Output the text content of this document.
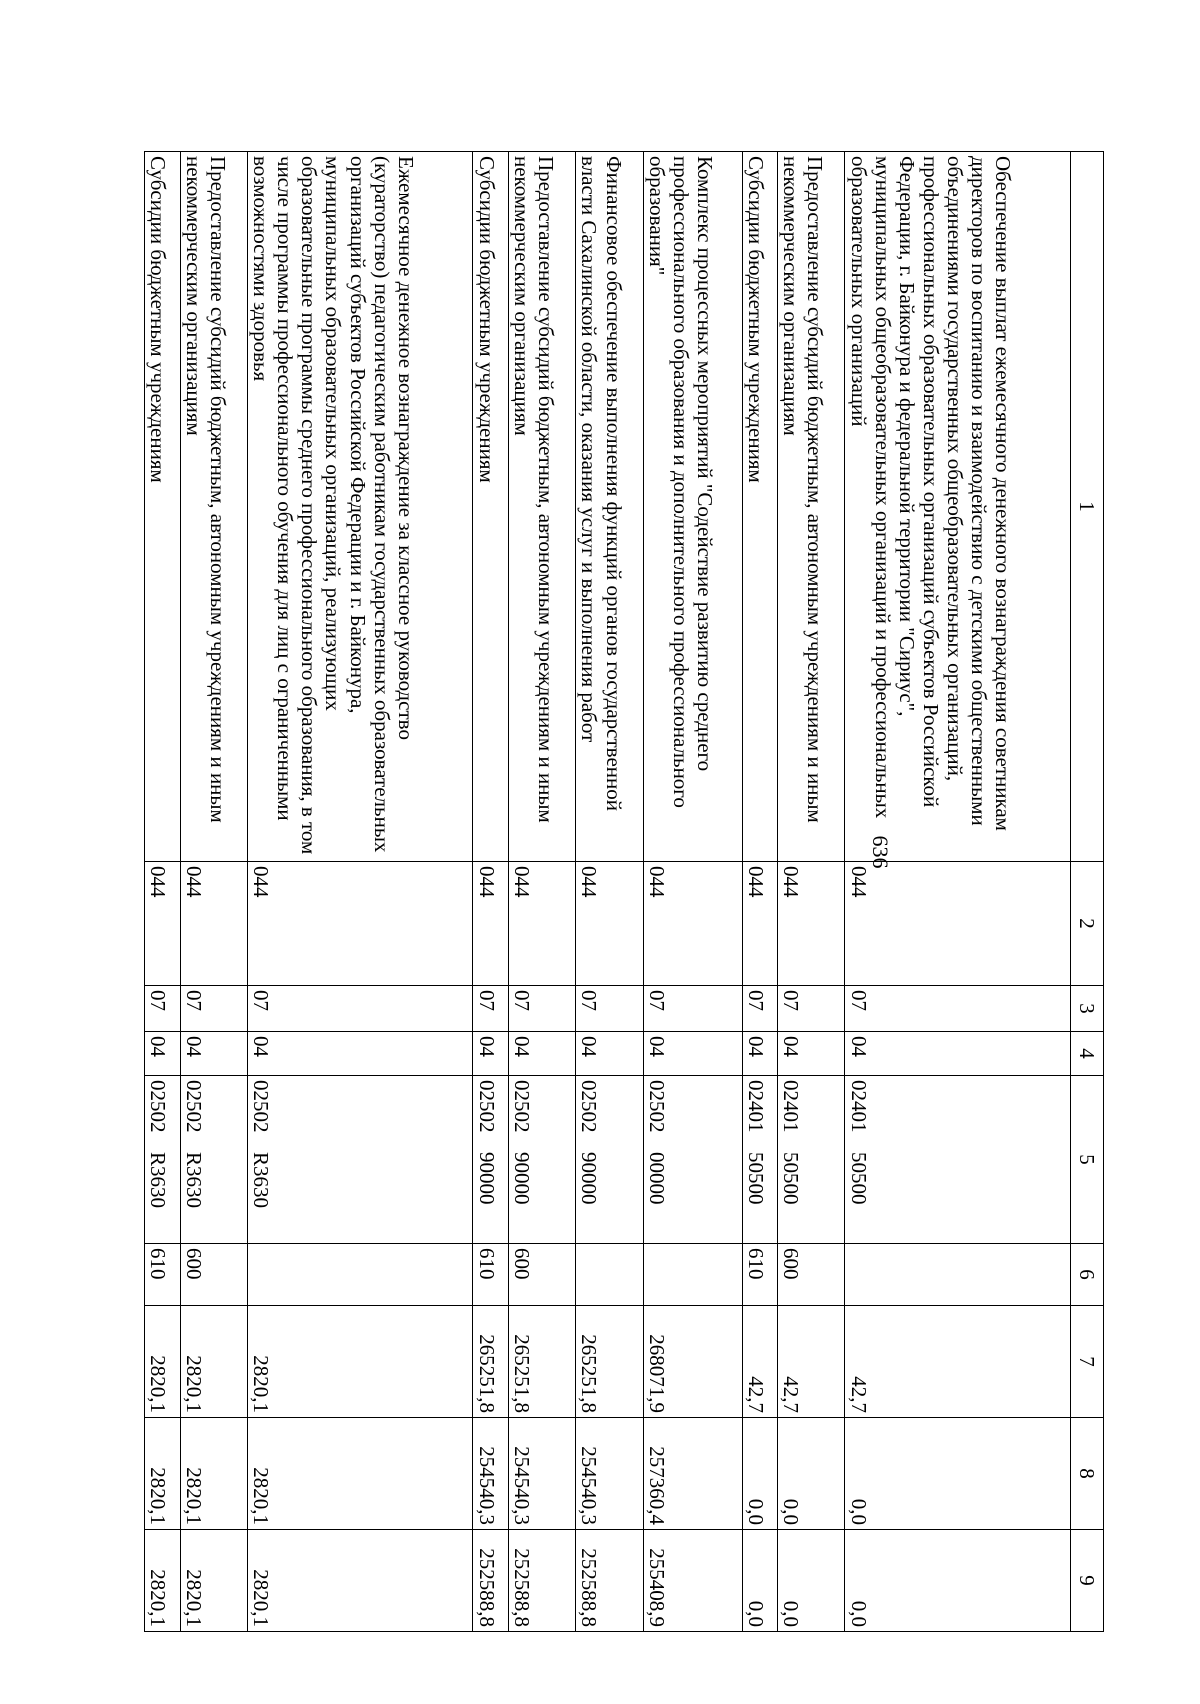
636
1	2	3	4	5	6	7	8	9
Обеспечение выплат ежемесячного денежного вознаграждения советникам директоров по воспитанию и взаимодействию с детскими общественными объединениями государственных общеобразовательных организаций, профессиональных образовательных организаций субъектов Российской Федерации, г. Байконура и федеральной территории "Сириус", муниципальных общеобразовательных организаций и профессиональных образовательных организаций	044	07	04	0240150500		42,7	0,0	0,0
Предоставление субсидий бюджетным, автономным учреждениям и иным некоммерческим организациям	044	07	04	0240150500	600	42,7	0,0	0,0
Субсидии бюджетным учреждениям	044	07	04	0240150500	610	42,7	0,0	0,0
Комплекс процессных мероприятий "Содействие развитию среднего профессионального образования и дополнительного профессионального образования"	044	07	04	0250200000		268071,9	257360,4	255408,9
Финансовое обеспечение выполнения функций органов государственной власти Сахалинской области, оказания услуг и выполнения работ	044	07	04	0250290000		265251,8	254540,3	252588,8
Предоставление субсидий бюджетным, автономным учреждениям и иным некоммерческим организациям	044	07	04	0250290000	600	265251,8	254540,3	252588,8
Субсидии бюджетным учреждениям	044	07	04	0250290000	610	265251,8	254540,3	252588,8
Ежемесячное денежное вознаграждение за классное руководство (кураторство) педагогическим работникам государственных образовательных организаций субъектов Российской Федерации и г. Байконура, муниципальных образовательных организаций, реализующих образовательные программы среднего профессионального образования, в том числе программы профессионального обучения для лиц с ограниченными возможностями здоровья	044	07	04	02502R3630		2820,1	2820,1	2820,1
Предоставление субсидий бюджетным, автономным учреждениям и иным некоммерческим организациям	044	07	04	02502R3630	600	2820,1	2820,1	2820,1
Субсидии бюджетным учреждениям	044	07	04	02502R3630	610	2820,1	2820,1	2820,1
